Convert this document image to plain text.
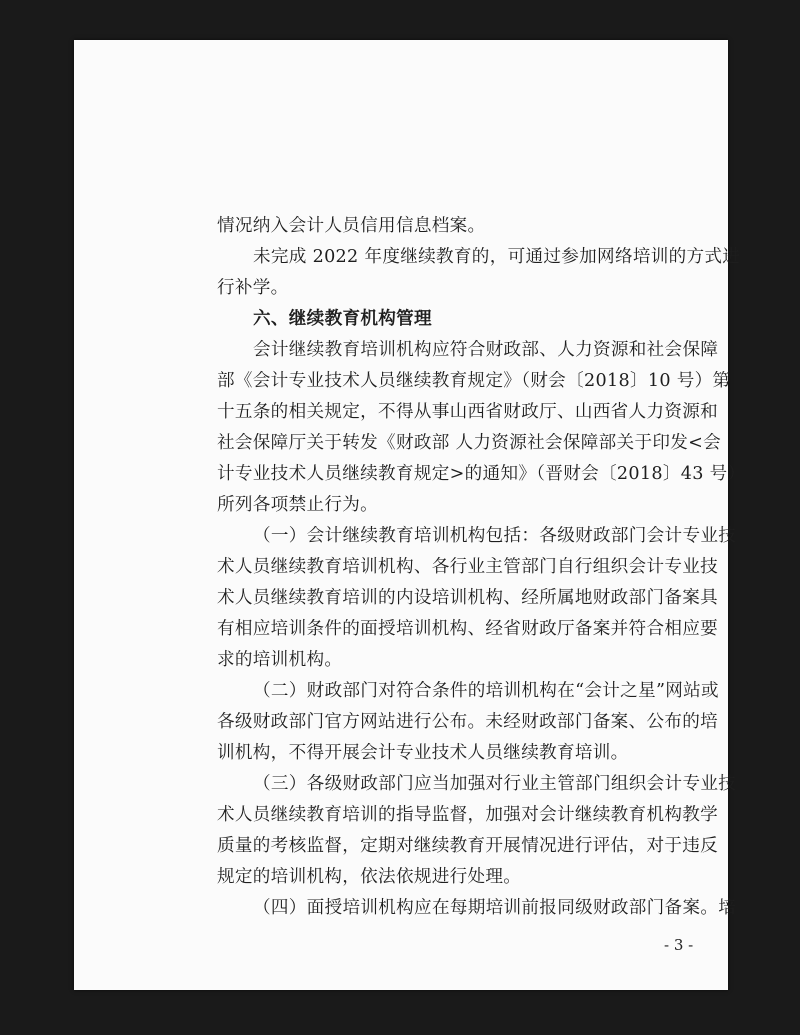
情况纳入会计人员信用信息档案。
未完成 2022 年度继续教育的，可通过参加网络培训的方式进
行补学。
六、继续教育机构管理
会计继续教育培训机构应符合财政部、人力资源和社会保障
部《会计专业技术人员继续教育规定》（财会〔2018〕10 号）第
十五条的相关规定，不得从事山西省财政厅、山西省人力资源和
社会保障厅关于转发《财政部 人力资源社会保障部关于印发<会
计专业技术人员继续教育规定>的通知》（晋财会〔2018〕43 号）
所列各项禁止行为。
（一）会计继续教育培训机构包括：各级财政部门会计专业技
术人员继续教育培训机构、各行业主管部门自行组织会计专业技
术人员继续教育培训的内设培训机构、经所属地财政部门备案具
有相应培训条件的面授培训机构、经省财政厅备案并符合相应要
求的培训机构。
（二）财政部门对符合条件的培训机构在“会计之星”网站或
各级财政部门官方网站进行公布。未经财政部门备案、公布的培
训机构，不得开展会计专业技术人员继续教育培训。
（三）各级财政部门应当加强对行业主管部门组织会计专业技
术人员继续教育培训的指导监督，加强对会计继续教育机构教学
质量的考核监督，定期对继续教育开展情况进行评估，对于违反
规定的培训机构，依法依规进行处理。
（四）面授培训机构应在每期培训前报同级财政部门备案。培
- 3 -
